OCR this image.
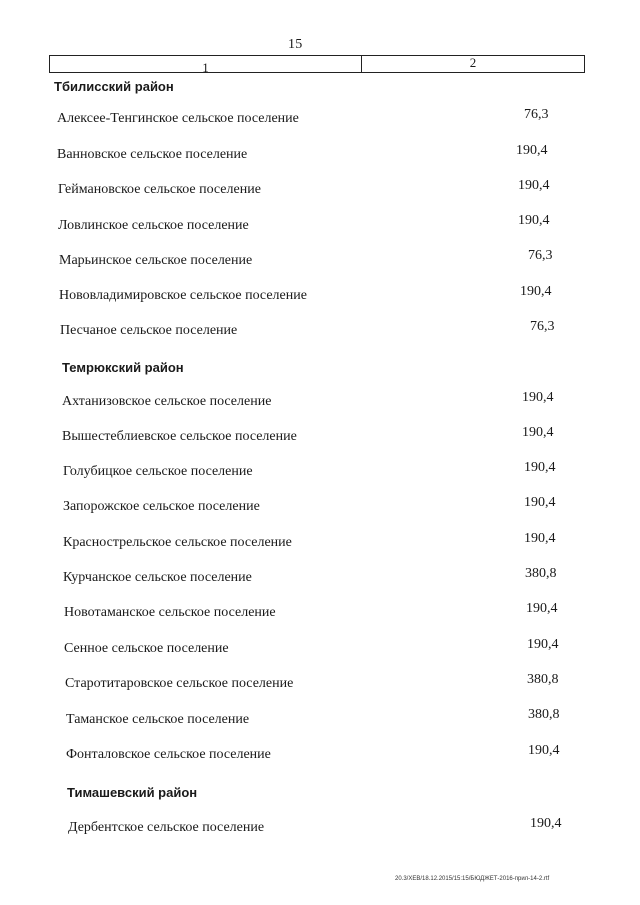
15
1	2
Тбилисский район
Алексее-Тенгинское сельское поселение	76,3
Ванновское сельское поселение	190,4
Геймановское сельское поселение	190,4
Ловлинское сельское поселение	190,4
Марьинское сельское поселение	76,3
Нововладимировское сельское поселение	190,4
Песчаное сельское поселение	76,3
Темрюкский район
Ахтанизовское сельское поселение	190,4
Вышестеблиевское сельское поселение	190,4
Голубицкое сельское поселение	190,4
Запорожское сельское поселение	190,4
Краснострельское сельское поселение	190,4
Курчанское сельское поселение	380,8
Новотаманское сельское поселение	190,4
Сенное сельское поселение	190,4
Старотитаровское сельское поселение	380,8
Таманское сельское поселение	380,8
Фонталовское сельское поселение	190,4
Тимашевский район
Дербентское сельское поселение	190,4
20.3/ХЕВ/18.12.2015/15:15/БЮДЖЕТ-2016-прил-14-2.rtf
